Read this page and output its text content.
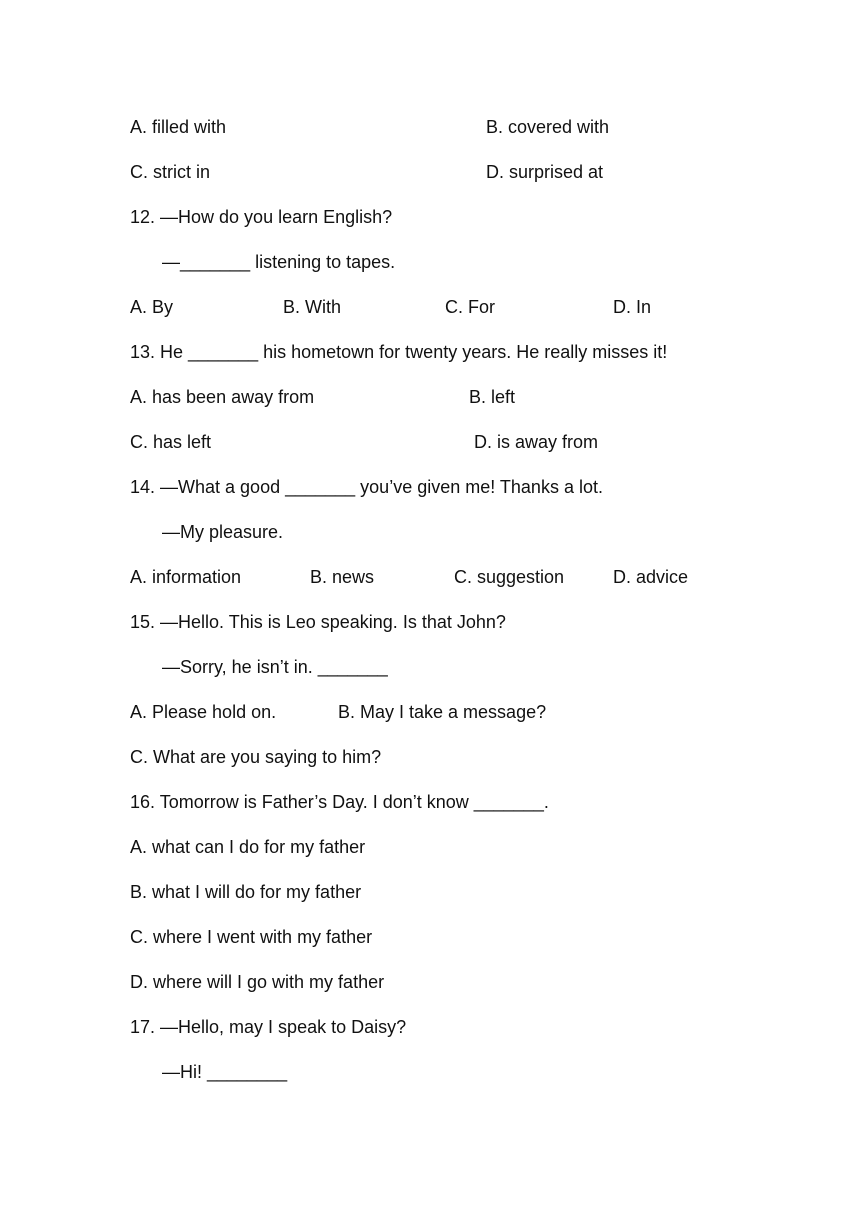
A. filled with	B. covered with
C. strict in	D. surprised at
12. —How do you learn English?
—_______ listening to tapes.
A. By	B. With	C. For	D. In
13. He _______ his hometown for twenty years. He really misses it!
A. has been away from	B. left
C. has left	D. is away from
14. —What a good _______ you’ve given me! Thanks a lot.
—My pleasure.
A. information	B. news	C. suggestion	D. advice
15. —Hello. This is Leo speaking. Is that John?
—Sorry, he isn’t in. _______
A. Please hold on.	B. May I take a message?
C. What are you saying to him?
16. Tomorrow is Father’s Day. I don’t know _______.
A. what can I do for my father
B. what I will do for my father
C. where I went with my father
D. where will I go with my father
17. —Hello, may I speak to Daisy?
—Hi! ________
